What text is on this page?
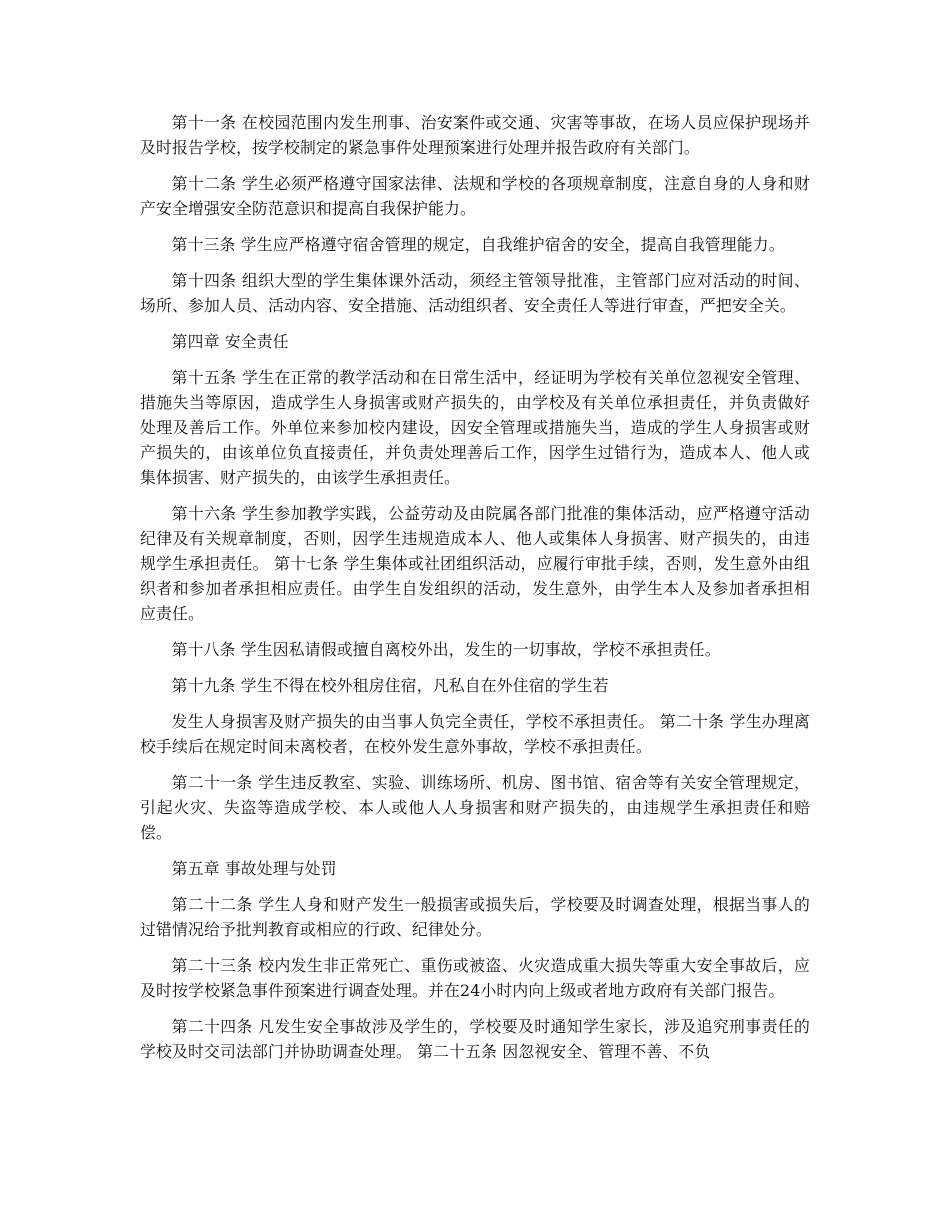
第十一条 在校园范围内发生刑事、治安案件或交通、灾害等事故，在场人员应保护现场并及时报告学校，按学校制定的紧急事件处理预案进行处理并报告政府有关部门。

第十二条 学生必须严格遵守国家法律、法规和学校的各项规章制度，注意自身的人身和财产安全增强安全防范意识和提高自我保护能力。

第十三条 学生应严格遵守宿舍管理的规定，自我维护宿舍的安全，提高自我管理能力。

第十四条 组织大型的学生集体课外活动，须经主管领导批准，主管部门应对活动的时间、场所、参加人员、活动内容、安全措施、活动组织者、安全责任人等进行审查，严把安全关。

第四章 安全责任

第十五条 学生在正常的教学活动和在日常生活中，经证明为学校有关单位忽视安全管理、措施失当等原因，造成学生人身损害或财产损失的，由学校及有关单位承担责任，并负责做好处理及善后工作。外单位来参加校内建设，因安全管理或措施失当，造成的学生人身损害或财产损失的，由该单位负直接责任，并负责处理善后工作，因学生过错行为，造成本人、他人或集体损害、财产损失的，由该学生承担责任。

第十六条 学生参加教学实践，公益劳动及由院属各部门批准的集体活动，应严格遵守活动纪律及有关规章制度，否则，因学生违规造成本人、他人或集体人身损害、财产损失的，由违规学生承担责任。 第十七条 学生集体或社团组织活动，应履行审批手续，否则，发生意外由组织者和参加者承担相应责任。由学生自发组织的活动，发生意外，由学生本人及参加者承担相应责任。

第十八条 学生因私请假或擅自离校外出，发生的一切事故，学校不承担责任。

第十九条 学生不得在校外租房住宿，凡私自在外住宿的学生若

发生人身损害及财产损失的由当事人负完全责任，学校不承担责任。 第二十条 学生办理离校手续后在规定时间未离校者，在校外发生意外事故，学校不承担责任。

第二十一条 学生违反教室、实验、训练场所、机房、图书馆、宿舍等有关安全管理规定，引起火灾、失盗等造成学校、本人或他人人身损害和财产损失的，由违规学生承担责任和赔偿。

第五章 事故处理与处罚

第二十二条 学生人身和财产发生一般损害或损失后，学校要及时调查处理，根据当事人的过错情况给予批判教育或相应的行政、纪律处分。

第二十三条 校内发生非正常死亡、重伤或被盗、火灾造成重大损失等重大安全事故后，应及时按学校紧急事件预案进行调查处理。并在24小时内向上级或者地方政府有关部门报告。

第二十四条 凡发生安全事故涉及学生的，学校要及时通知学生家长，涉及追究刑事责任的学校及时交司法部门并协助调查处理。 第二十五条 因忽视安全、管理不善、不负
